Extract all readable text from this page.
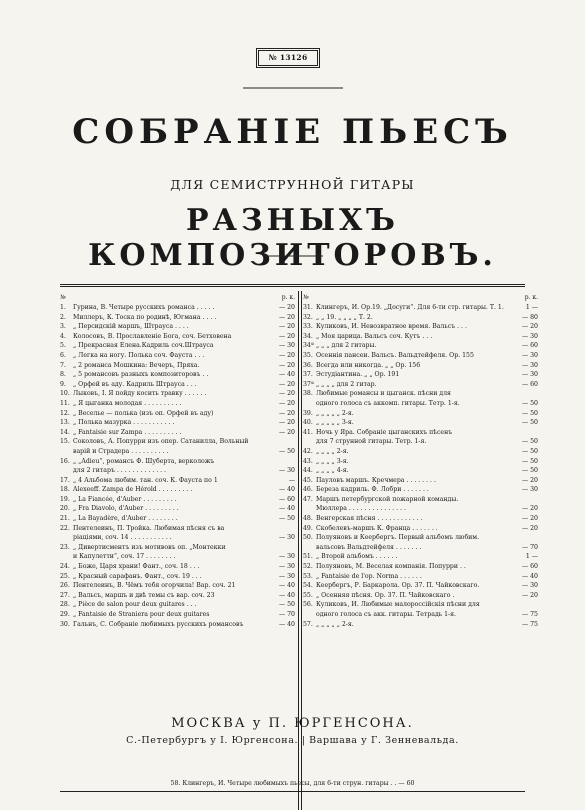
№ 13126
СОБРАНІЕ ПЬЕСЪ
ДЛЯ СЕМИСТРУННОЙ ГИТАРЫ
РАЗНЫХЪ КОМПОЗИТОРОВЪ.
№	р. к.
1.	Гурина, В. Четыре русскихъ романса . . . . .	— 20
2.	Миллеръ, К. Тоска по родинѣ, Югмана . . . .	— 20
3.	„ Персидскій маршъ, Штрауса . . . .	— 20
4.	Колосовъ, В. Прославленіе Бога, соч. Бетховена	— 20
5.	„ Прекрасная Елена.Кадриль соч.Штрауса	— 30
6.	„ Легка на ногу. Полька соч. Фауста . . .	— 20
7.	„ 2 романса Мошкина: Вечеръ, Пряха.	— 20
8.	„ 5 романсовъ разныхъ композиторовъ . .	— 40
9.	„ Орфей въ аду. Кадриль Штрауса . . .	— 20
10. Лыковъ, I. Я пойду косить травку . . . . . .	— 20
11. „ Я цыганка молодая . . . . . . . . . .	— 20
12. „ Веселье — полька (изъ оп. Орфей въ аду)	— 20
13. „ Полька мазурка . . . . . . . . . . .	— 20
14. „ Fantaisie sur Zampa . . . . . . . . . .	— 20
15. Соколовъ, А. Попурри изъ опер. Сатанилла, Вольный
варiй и Страдера . . . . . . . . . .	— 50
16. „ „Adieu“, романсъ Ф. Шуберта, верколожъ
для 2 гитаръ . . . . . . . . . . . . .	— 30
17. „ 4 Альбома любим. тан. соч. К. Фауста по 1	—
18. Alexeeff. Zampa de Hérold . . . . . . . . .	— 40
19. „ La Fiancée, d'Auber . . . . . . . . .	— 60
20. „ Fra Diavolo, d'Auber . . . . . . . . .	— 40
21. „ La Bayadère, d'Auber . . . . . . . .	— 50
22. Пентелеинъ, П. Тройка. Любимая пѣсня съ ва
ріаціями, соч. 14 . . . . . . . . . . .	— 30
23. „ Дивертисментъ изъ мотивовъ оп. „Монтекки
и Капулетти“, соч. 17 . . . . . . . .	— 30
24. „ Боже, Царя храни! Фант., соч. 18 . . .	— 30
25. „ Красный сарафанъ. Фант., соч. 19 . . .	— 30
26. Пентелеинъ, В. Чёмъ тебя огорчила! Вар. соч. 21	— 40
27. „ Вальсъ, маршъ и двѣ темы съ вар. соч. 23	— 40
28. „ Pièce de salon pour deux guitares . . .	— 50
29. „ Fantaisie de Straniera pour deux guitares	— 70
30. Гальнъ, С. Собраніе любимыхъ русскихъ романсовъ	— 40
№	р. к.
31. Клингеръ, И. Op.19. „Досуги“. Для 6-ти стр. гитары. Т. 1.	1 —
32. „ „ 19. „ „ „ „ Т. 2.	— 80
33. Куликовъ, И. Невозвратное время. Вальсъ . . .	— 20
34. „ Моя царица. Вальсъ соч. Кутъ . . .	— 30
34ª „ „ „ для 2 гитары.	— 60
35. Осеннія пансеи. Вальсъ. Вальдтейфеля. Ор. 155	— 30
36. Всегда или никогда. „ „ Ор. 156	— 30
37. Эстудiантина. „ „ Ор. 191	— 30
37ª „ „ „ „ для 2 гитар.	— 60
38. Любимые романсы и цыганск. пѣсни для
одного голоса съ аккомп. гитары. Тетр. 1-я.	— 50
39. „ „ „ „ „ 2-я.	— 50
40. „ „ „ „ „ 3-я.	— 50
41. Ночь у Яра. Собраніе цыганскихъ пѣсенъ
для 7 струнной гитары. Тетр. 1-я.	— 50
42. „ „ „ „ 2-я.	— 50
43. „ „ „ „ 3-я.	— 50
44. „ „ „ „ 4-я.	— 50
45. Пауловъ маршъ. Кречмера . . . . . . . .	— 20
46. Береза кадриль. Ф. Лобри . . . . . . .	— 30
47. Маршъ петербургской пожарной команды.
Мюллера . . . . . . . . . . . . . . .	— 20
48. Венгерская пѣсня . . . . . . . . . . . .	— 20
49. Скобелевъ-маршъ К. Франца . . . . . . .	— 20
50. Полуяновъ и Кеербергъ. Первый альбомъ любим.
вальсовъ Вальдтейфеля . . . . . . .	— 70
51. „ Второй альбомъ . . . . . .	1 —
52. Полуяновъ, М. Веселая компанія. Попурри . .	— 60
53. „ Fantaisie de l'op. Norma . . . . . .	— 40
54. Кеербергъ, Р. Баркарола. Ор. 37. П. Чайковскаго.	— 30
55. „ Осенняя пѣсня. Ор. 37. П. Чайковскаго .	— 20
56. Куликовъ, И. Любимые малороссійскія пѣсни для
одного голоса съ акк. гитары. Тетрадь 1-я.	— 75
57. „ „ „ „ „ 2-я.	— 75
58. Клингеръ, И. Четыре любимыхъ пьесы, для 6-ти струн. гитары . . — 60
МОСКВА у П. ЮРГЕНСОНА.
С.-Петербургъ у I. Юргенсона. | Варшава у Г. Зенневальда.
